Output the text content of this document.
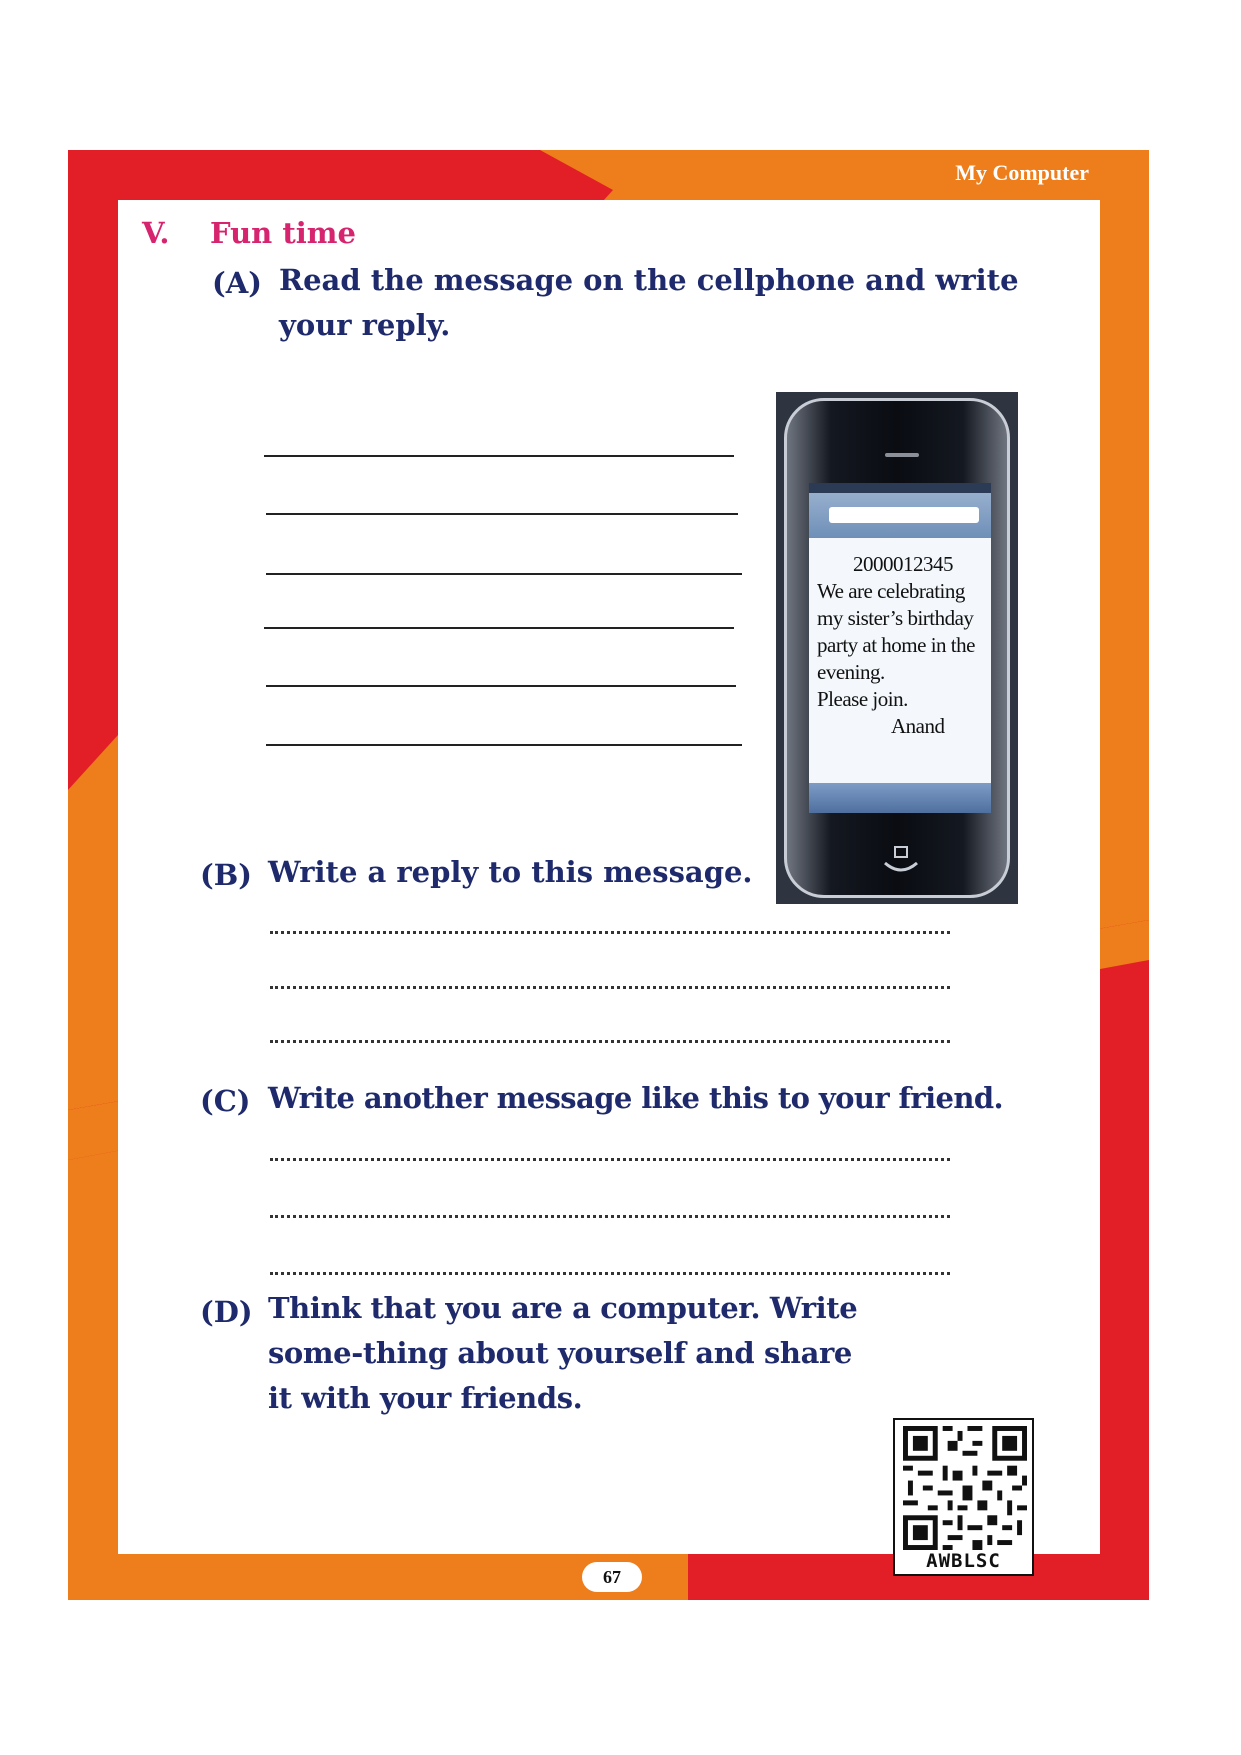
My Computer
V. Fun time
(A) Read the message on the cellphone and write
your reply.
2000012345
We are celebrating
my sister’s birthday
party at home in the
evening.
Please join.
Anand
(B) Write a reply to this message.
(C) Write another message like this to your friend.
(D) Think that you are a computer. Write
some-thing about yourself and share
it with your friends.
AWBLSC
67
